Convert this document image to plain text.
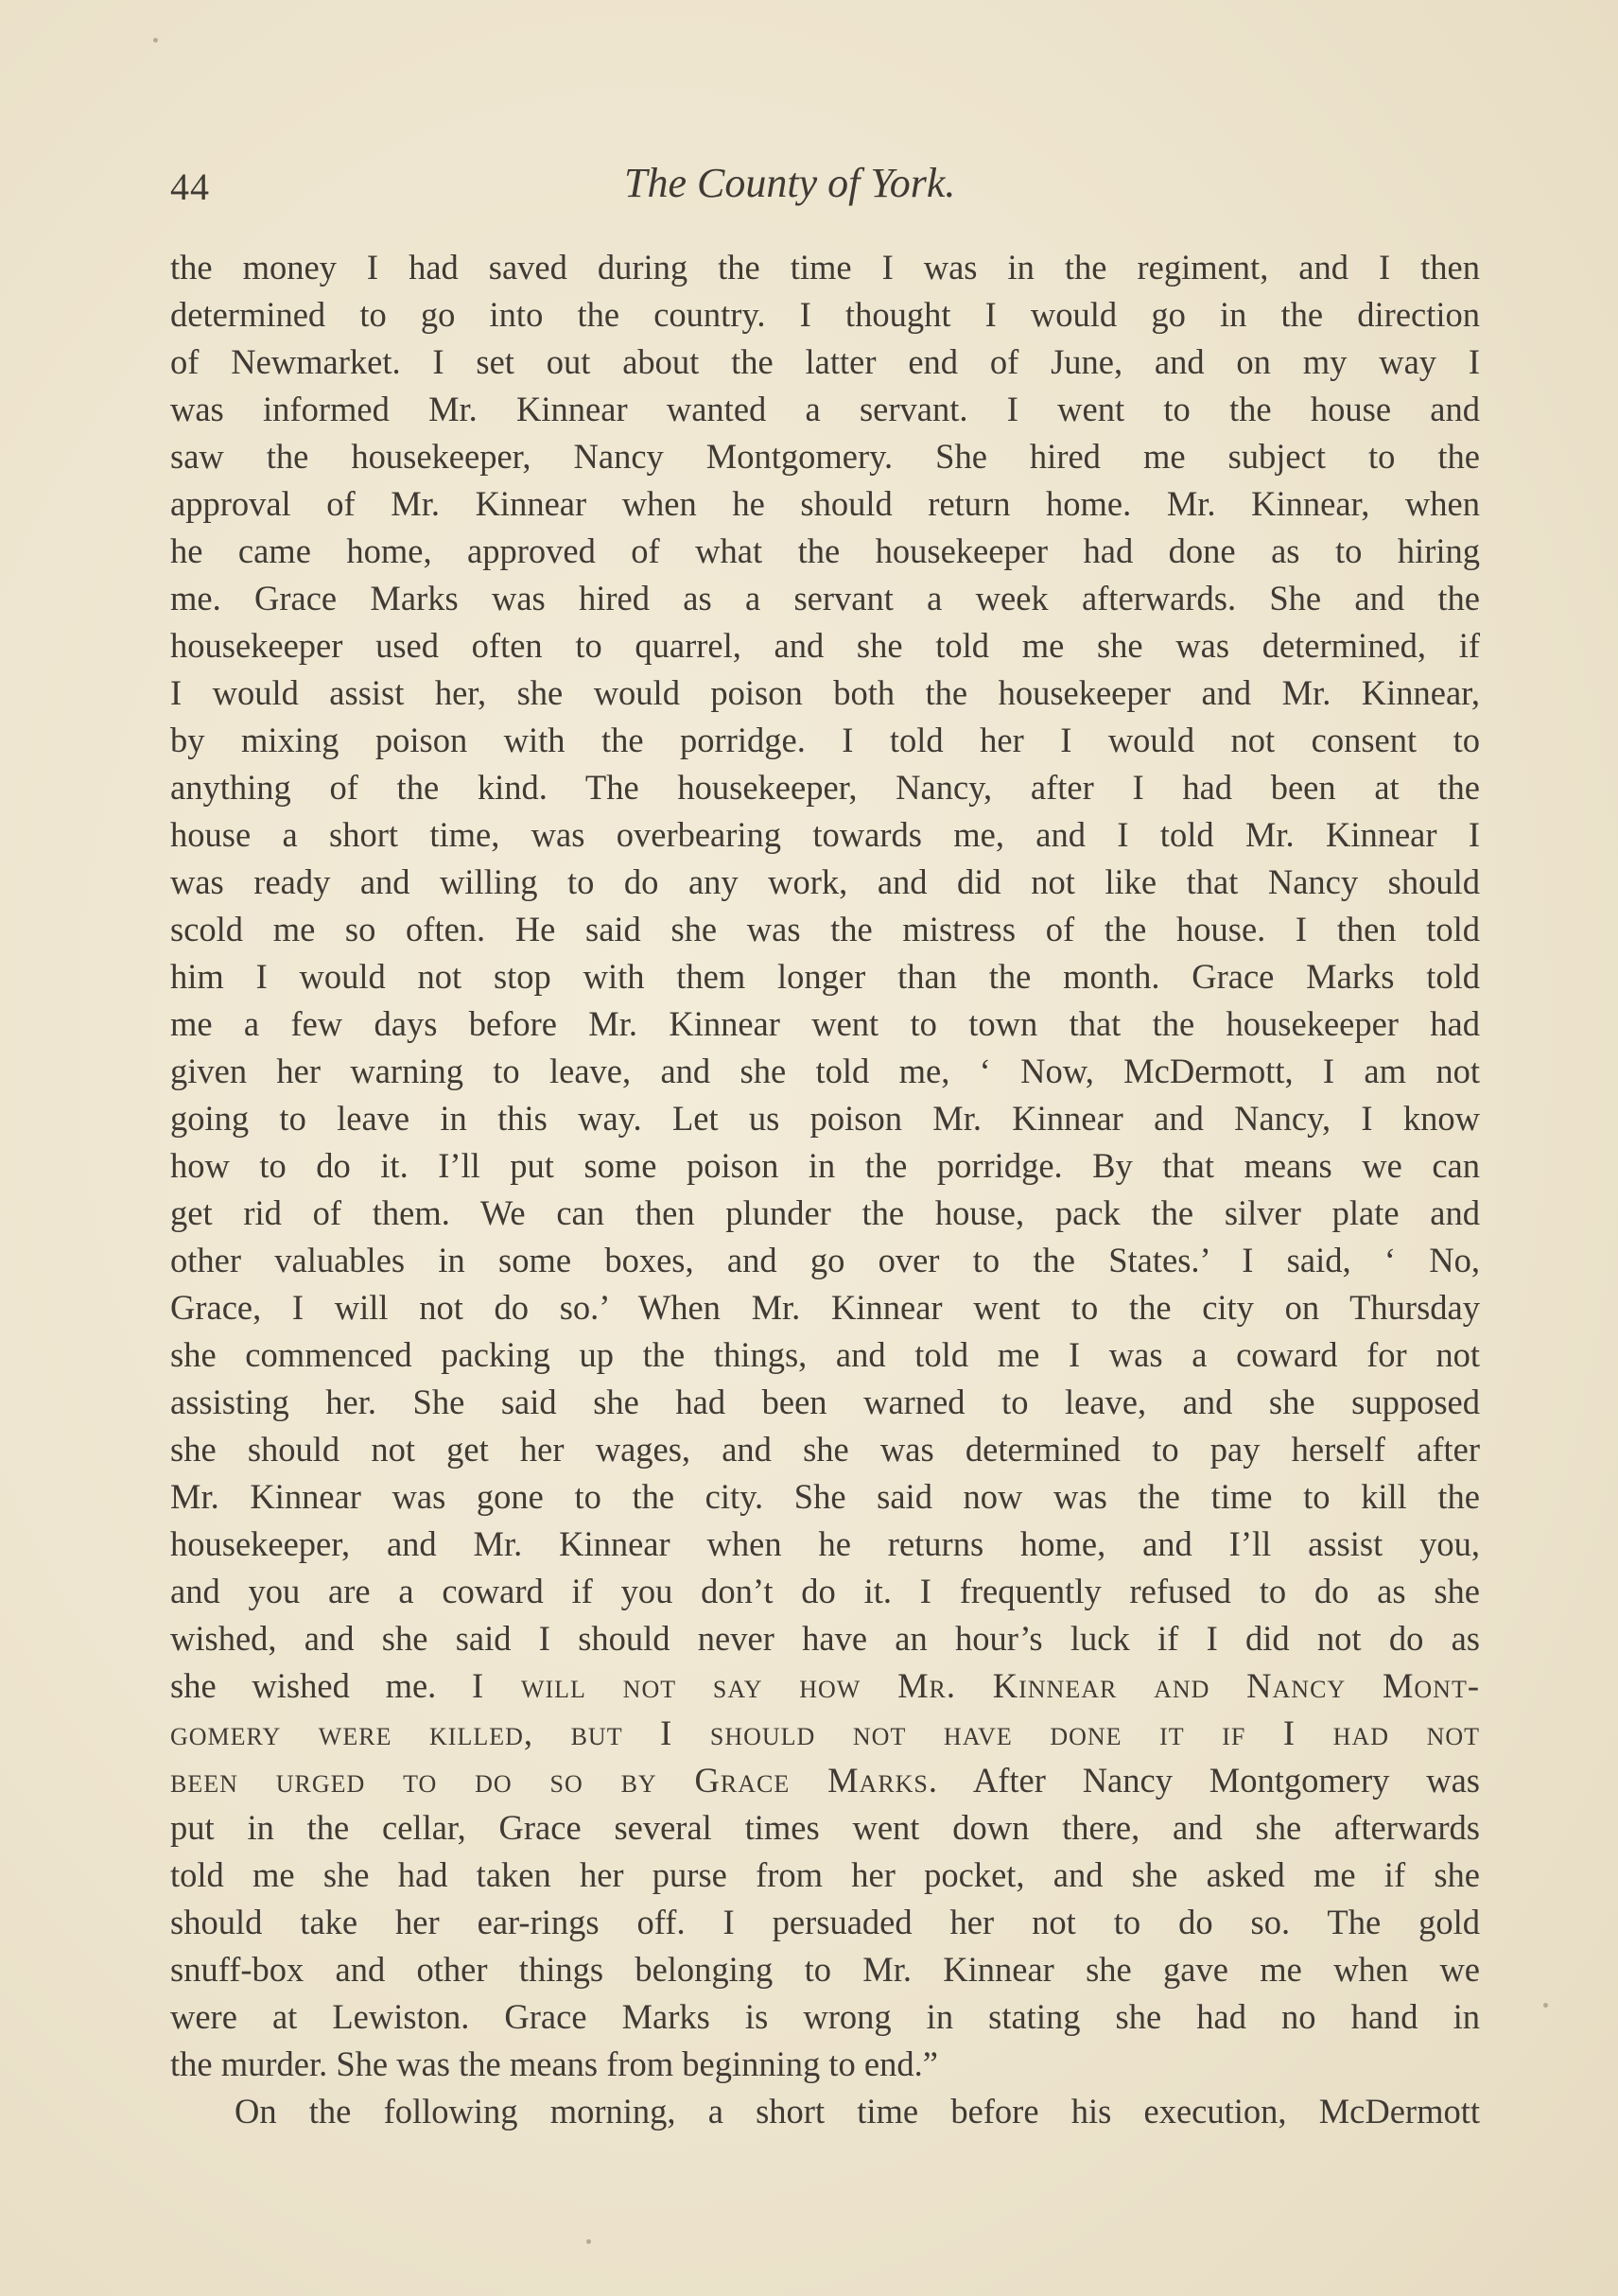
44	The County of York.
the money I had saved during the time I was in the regiment, and I then
determined to go into the country. I thought I would go in the direction
of Newmarket. I set out about the latter end of June, and on my way I
was informed Mr. Kinnear wanted a servant. I went to the house and
saw the housekeeper, Nancy Montgomery. She hired me subject to the
approval of Mr. Kinnear when he should return home. Mr. Kinnear, when
he came home, approved of what the housekeeper had done as to hiring
me. Grace Marks was hired as a servant a week afterwards. She and the
housekeeper used often to quarrel, and she told me she was determined, if
I would assist her, she would poison both the housekeeper and Mr. Kinnear,
by mixing poison with the porridge. I told her I would not consent to
anything of the kind. The housekeeper, Nancy, after I had been at the
house a short time, was overbearing towards me, and I told Mr. Kinnear I
was ready and willing to do any work, and did not like that Nancy should
scold me so often. He said she was the mistress of the house. I then told
him I would not stop with them longer than the month. Grace Marks told
me a few days before Mr. Kinnear went to town that the housekeeper had
given her warning to leave, and she told me, ‘ Now, McDermott, I am not
going to leave in this way. Let us poison Mr. Kinnear and Nancy, I know
how to do it. I’ll put some poison in the porridge. By that means we can
get rid of them. We can then plunder the house, pack the silver plate and
other valuables in some boxes, and go over to the States.’ I said, ‘ No,
Grace, I will not do so.’ When Mr. Kinnear went to the city on Thursday
she commenced packing up the things, and told me I was a coward for not
assisting her. She said she had been warned to leave, and she supposed
she should not get her wages, and she was determined to pay herself after
Mr. Kinnear was gone to the city. She said now was the time to kill the
housekeeper, and Mr. Kinnear when he returns home, and I’ll assist you,
and you are a coward if you don’t do it. I frequently refused to do as she
wished, and she said I should never have an hour’s luck if I did not do as
she wished me. I will not say how Mr. Kinnear and Nancy Mont-
gomery were killed, but I should not have done it if I had not
been urged to do so by Grace Marks. After Nancy Montgomery was
put in the cellar, Grace several times went down there, and she afterwards
told me she had taken her purse from her pocket, and she asked me if she
should take her ear-rings off. I persuaded her not to do so. The gold
snuff-box and other things belonging to Mr. Kinnear she gave me when we
were at Lewiston. Grace Marks is wrong in stating she had no hand in
the murder. She was the means from beginning to end.”
On the following morning, a short time before his execution, McDermott
